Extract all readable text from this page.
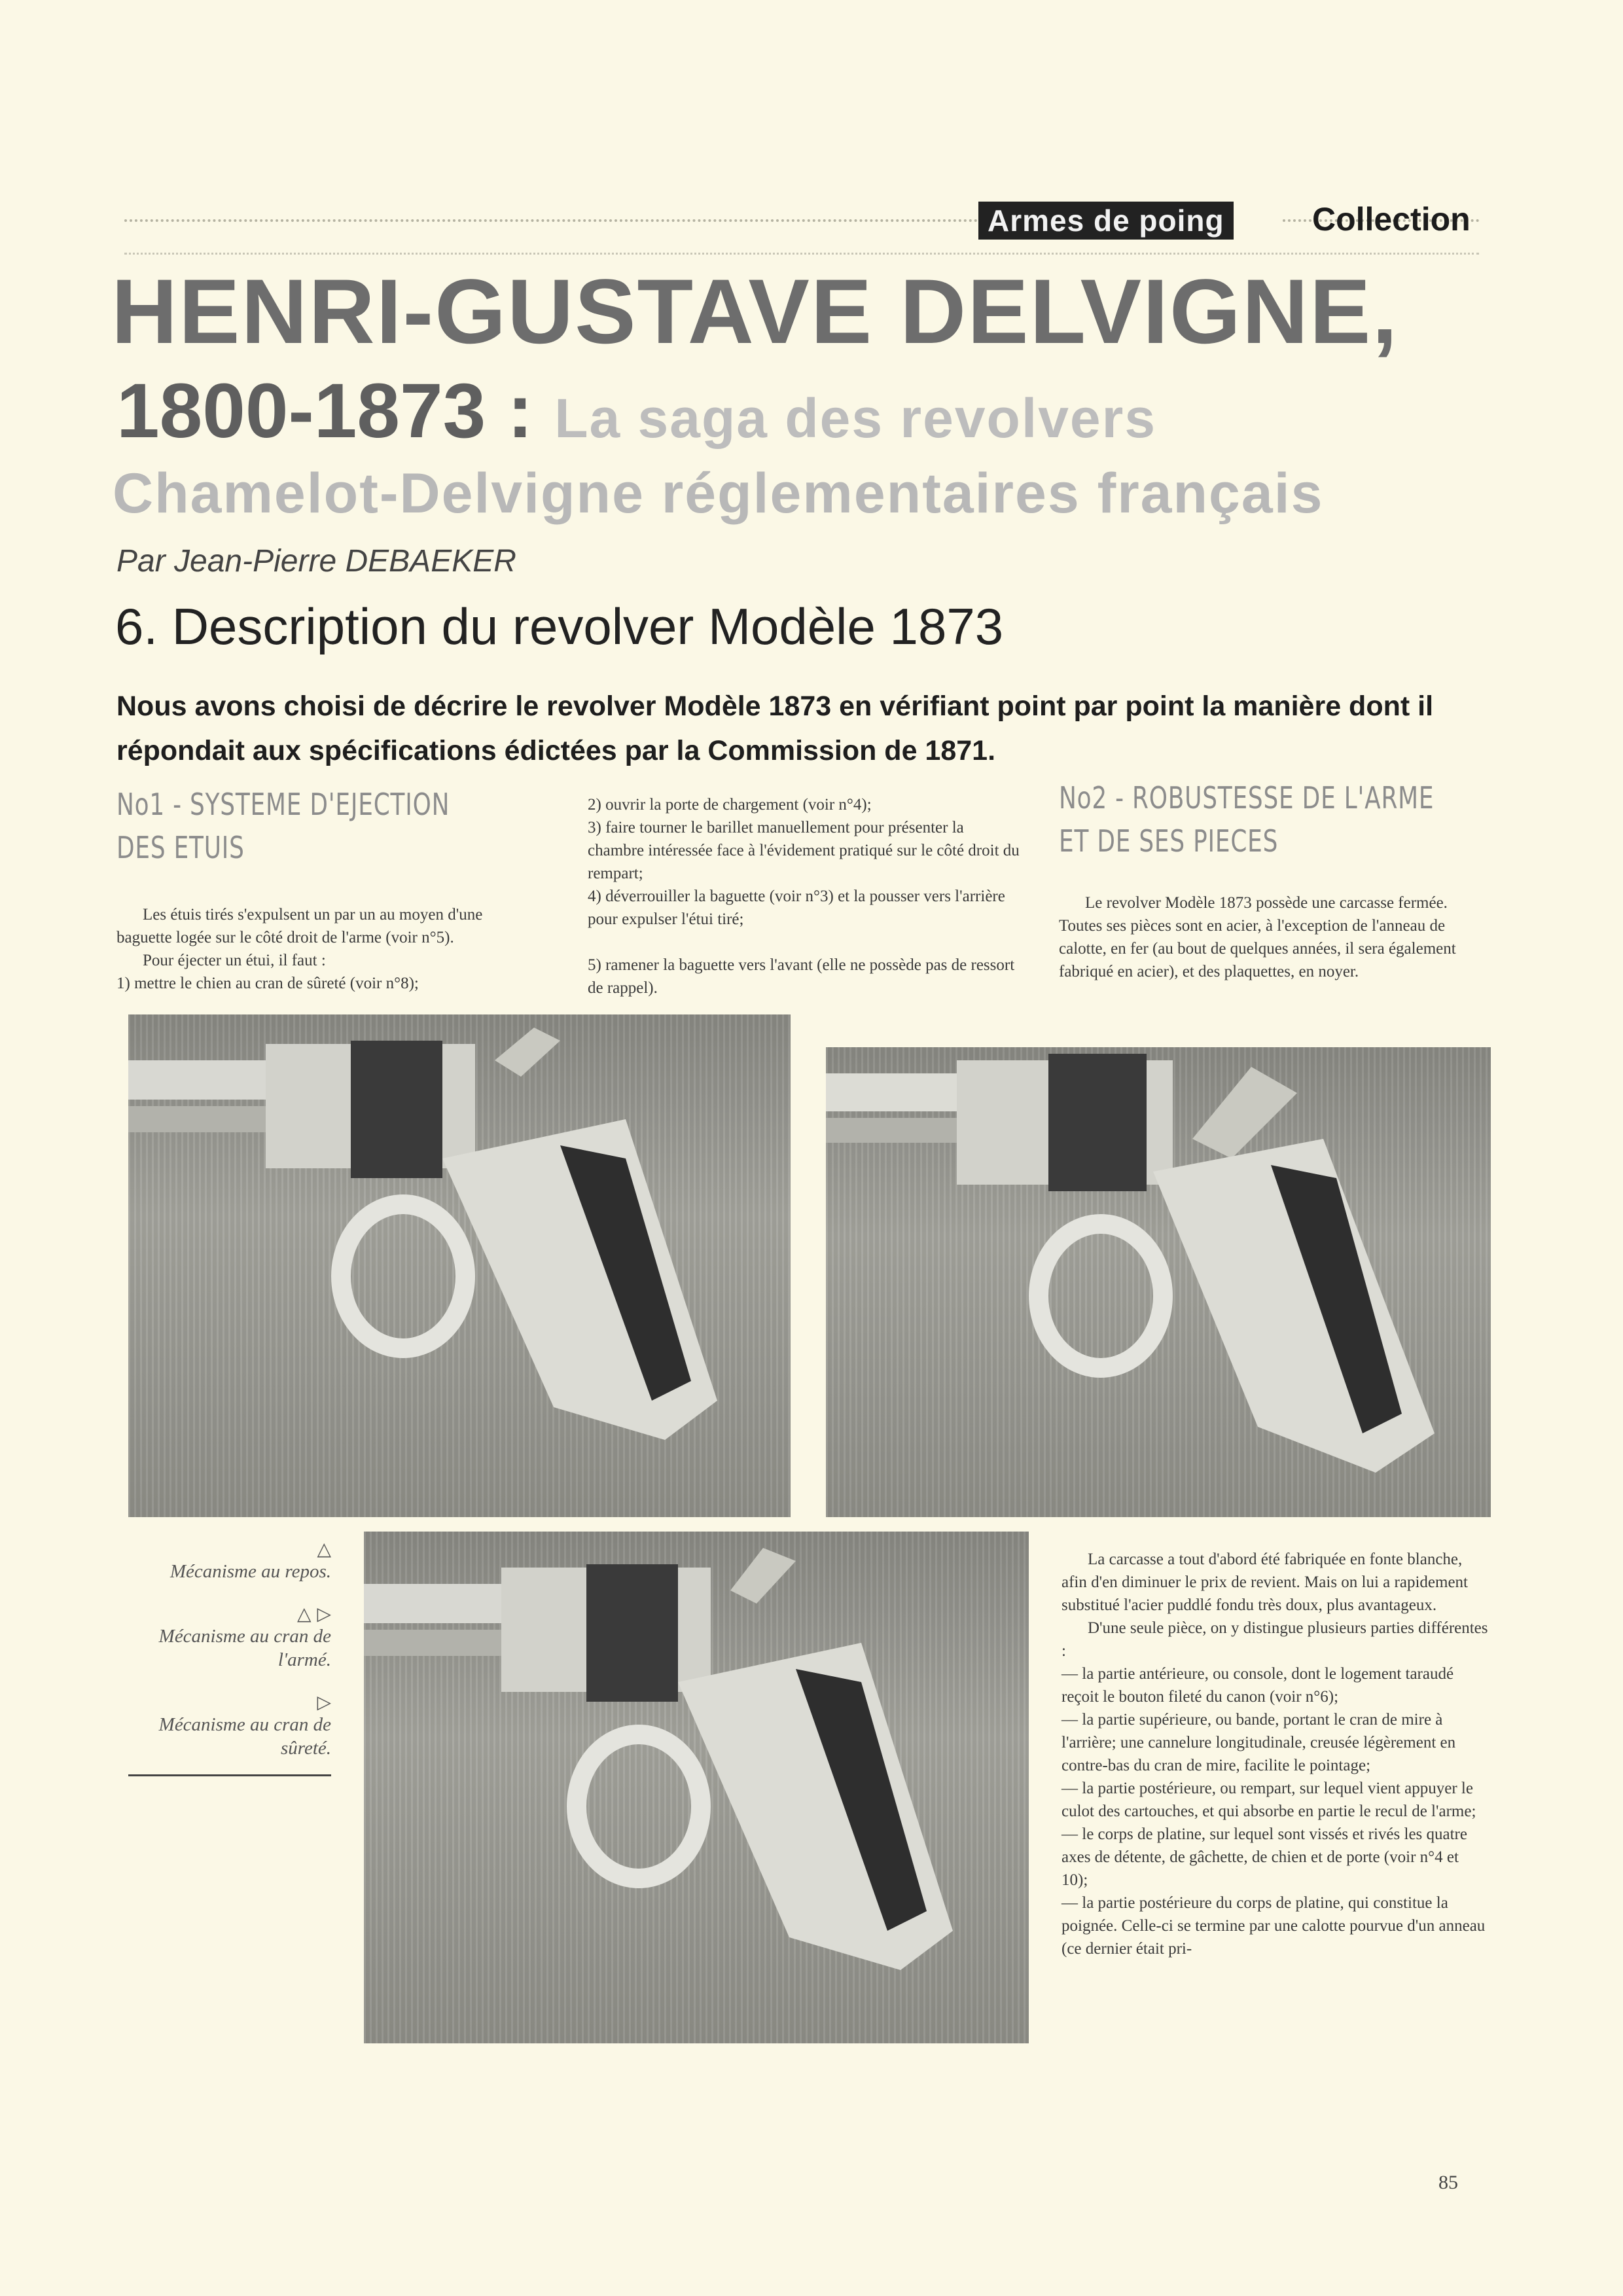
Armes de poing	Collection
HENRI-GUSTAVE DELVIGNE,
1800-1873 : La saga des revolvers
Chamelot-Delvigne réglementaires français
Par Jean-Pierre DEBAEKER
6. Description du revolver Modèle 1873
Nous avons choisi de décrire le revolver Modèle 1873 en vérifiant point par point la manière dont il répondait aux spécifications édictées par la Commission de 1871.
No1 - SYSTEME D'EJECTION
DES ETUIS

Les étuis tirés s'expulsent un par un au moyen d'une baguette logée sur le côté droit de l'arme (voir n°5).

Pour éjecter un étui, il faut :

1) mettre le chien au cran de sûreté (voir n°8);

2) ouvrir la porte de chargement (voir n°4);

3) faire tourner le barillet manuellement pour présenter la chambre intéressée face à l'évidement pratiqué sur le côté droit du rempart;

4) déverrouiller la baguette (voir n°3) et la pousser vers l'arrière pour expulser l'étui tiré;

5) ramener la baguette vers l'avant (elle ne possède pas de ressort de rappel).

No2 - ROBUSTESSE DE L'ARME
ET DE SES PIECES
Le revolver Modèle 1873 possède une carcasse fermée. Toutes ses pièces sont en acier, à l'exception de l'anneau de calotte, en fer (au bout de quelques années, il sera également fabriqué en acier), et des plaquettes, en noyer.
△
Mécanisme au repos.
△ ▷
Mécanisme au cran de l'armé.
▷
Mécanisme au cran de sûreté.

La carcasse a tout d'abord été fabriquée en fonte blanche, afin d'en diminuer le prix de revient. Mais on lui a rapidement substitué l'acier puddlé fondu très doux, plus avantageux.

D'une seule pièce, on y distingue plusieurs parties différentes :

— la partie antérieure, ou console, dont le logement taraudé reçoit le bouton fileté du canon (voir n°6);

— la partie supérieure, ou bande, portant le cran de mire à l'arrière; une cannelure longitudinale, creusée légèrement en contre-bas du cran de mire, facilite le pointage;

— la partie postérieure, ou rempart, sur lequel vient appuyer le culot des cartouches, et qui absorbe en partie le recul de l'arme;

— le corps de platine, sur lequel sont vissés et rivés les quatre axes de détente, de gâchette, de chien et de porte (voir n°4 et 10);

— la partie postérieure du corps de platine, qui constitue la poignée. Celle-ci se termine par une calotte pourvue d'un anneau (ce dernier était pri-

85
